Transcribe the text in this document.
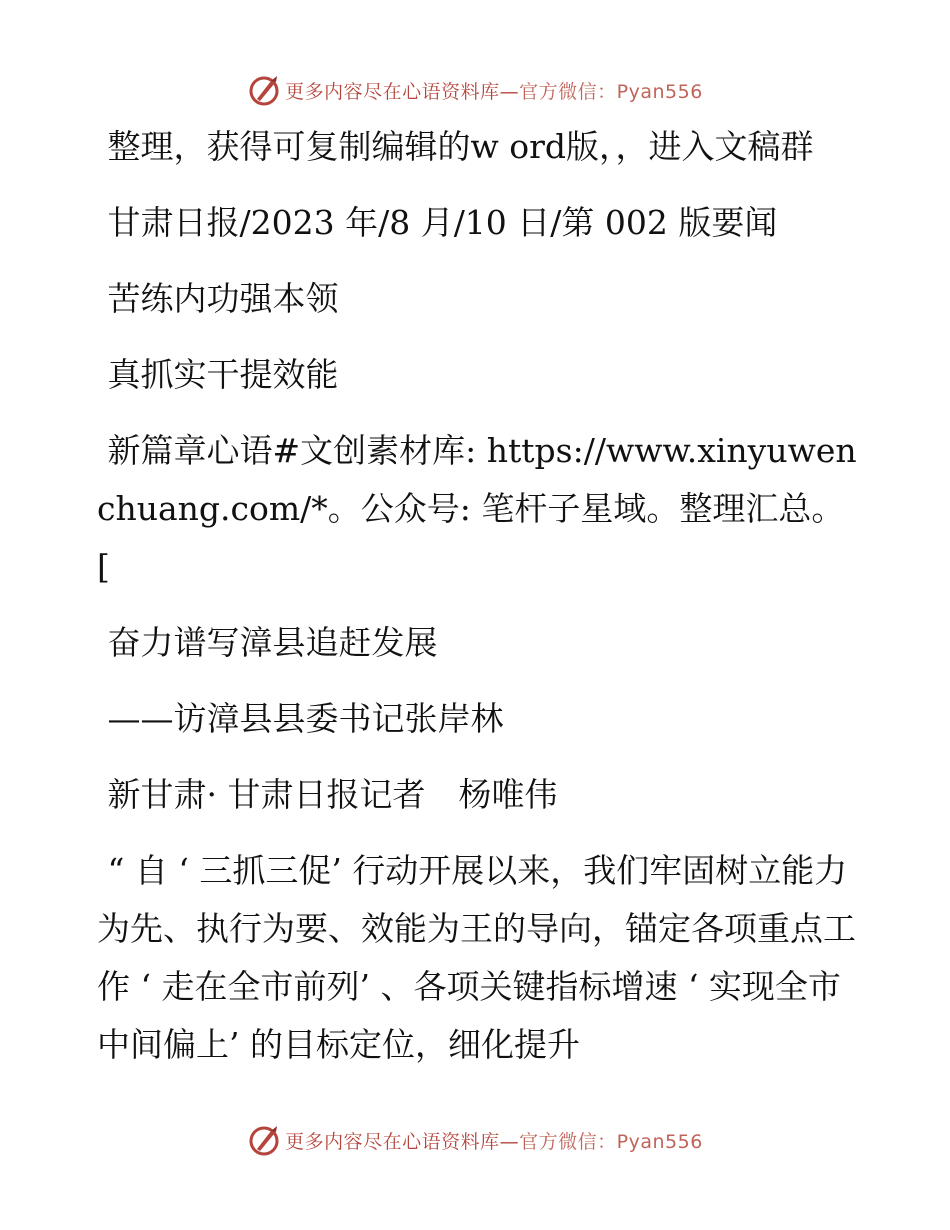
更多内容尽在心语资料库—官方微信：Pyan556

整理，获得可复制编辑的w ord版，，进入文稿群

甘肃日报/2023 年/8 月/10 日/第 002 版要闻

苦练内功强本领

真抓实干提效能

新篇章心语#文创素材库: https://www.xinyuwenchuang.com/*。公众号: 笔杆子星域。整理汇总。[

奋力谱写漳县追赶发展

——访漳县县委书记张岸林

新甘肃· 甘肃日报记者　杨唯伟

“ 自 ‘ 三抓三促’ 行动开展以来，我们牢固树立能力为先、执行为要、效能为王的导向，锚定各项重点工作 ‘ 走在全市前列’ 、各项关键指标增速 ‘ 实现全市中间偏上’ 的目标定位，细化提升

更多内容尽在心语资料库—官方微信：Pyan556
